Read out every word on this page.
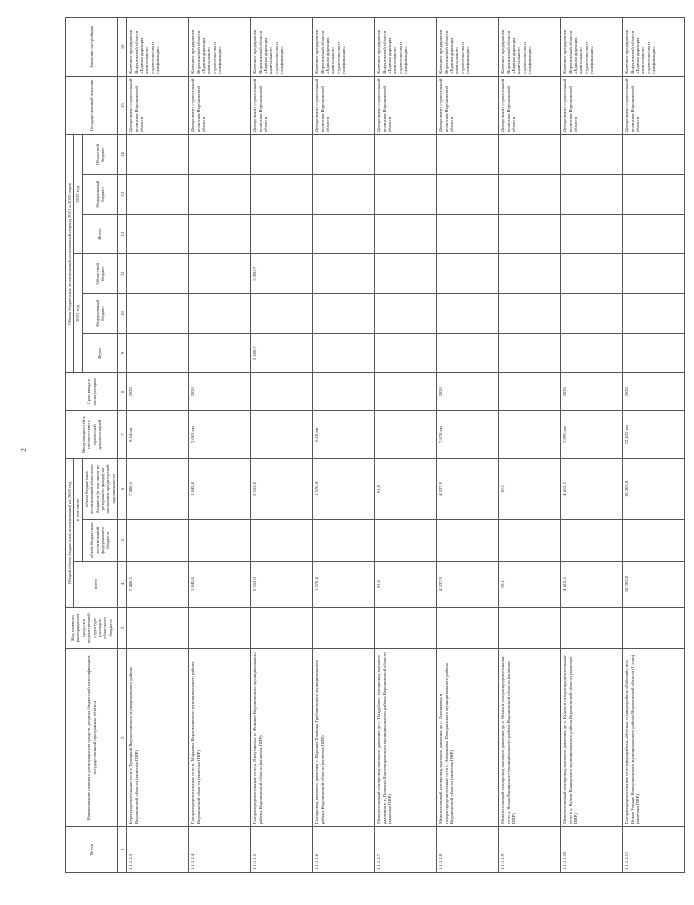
2
№ п/п	Наименование главного распорядителя средств, раздела бюджетной классификации, государственной программы, объекта	Код главного распорядителя средств в ведомственной структуре расходов областного бюджета	Общий объем бюджетных ассигнований на 2020 год			Ввод мощностей в соответствии с проектной документацией	Срок ввода в эксплуатацию	Объем бюджетных ассигнований на плановый период 2021 и 2022 годов						Государственный заказчик	Заказчик-застройщик
			всего	в том числе				2021 год			2022 год				
				объем бюджетных ассигнований федерального бюджета	объем бюджетных ассигнований областного бюджета (в том числе из резервного фонда) на погашение кредиторской задолженности			Всего	Федеральный бюджет	Областной бюджет	Всего	Федеральный бюджет	Областной бюджет		

1	2	3	4	5	6	7	8	9	10	11	12	13	14	15	16
1.1.1.1.3	Берегоукрепительные сети в Троицкий Верхнехавского муниципального района Воронежской области (включая ПИР)		7 486,5		7 486,5	8,54 км	2020							Департамент строительной политики Воронежской области	Казенное предприятие Воронежской области «Единая дирекция капитального строительства и газификации»
1.1.1.1.4	Газораспределительные сети п. Марьевка Верхнехавского муниципального района Воронежской области (включая ПИР)		1 845,8		1 845,8	2,063 км	2020							Департамент строительной политики Воронежской области	Казенное предприятие Воронежской области «Единая дирекция капитального строительства и газификации»
1.1.1.1.5	Газораспределительные сети к. Пичугинска, п. Фомино Воронежского муниципального района Воронежской области (включая ПИР)		5 553,0		5 553,0			5 200,7		5 200,7				Департамент строительной политики Воронежской области	Казенное предприятие Воронежской области «Единая дирекция капитального строительства и газификации»
1.1.1.1.6	Газопровод высокого давления с. Верхняя Плавица Грибановского муниципального района Воронежской области (включая ПИР)		1 570,4		1 570,4	6,18 км								Департамент строительной политики Воронежской области	Казенное предприятие Воронежской области «Единая дирекция капитального строительства и газификации»
1.1.1.1.7	Межпоселковый газопровод высокого давления до с. Поддубное, газопровод высокого давления к х. Поповка Кантемировского муниципального района Воронежской области (включая ПИР)		61,0		61,0									Департамент строительной политики Воронежской области	Казенное предприятие Воронежской области «Единая дирекция капитального строительства и газификации»
1.1.1.1.8	Межпоселковый газопровод высокого давления до с. Алешковка и газораспределительные сети с. Алешковка Поворинского муниципального района Воронежской области (включая ПИР)		4 337,9		4 337,9	7,678 км	2020							Департамент строительной политики Воронежской области	Казенное предприятие Воронежской области «Единая дирекция капитального строительства и газификации»
1.1.1.1.9	Межпоселковый газопровод высокого давления до х. Ясная и газораспределительные сети х. Ясная Каширского муниципального района Воронежской области (включая ПИР)		19,1		19,1									Департамент строительной политики Воронежской области	Казенное предприятие Воронежской области «Единая дирекция капитального строительства и газификации»
1.1.1.1.10	Межпоселковый газопровод высокого давления до х. Кулеш и газораспределительные сети в х. Кулеш Каширского муниципального района Воронежской области (включая ПИР)		4 412,5		4 412,5	7,995 км	2020							Департамент строительной политики Воронежской области	Казенное предприятие Воронежской области «Единая дирекция капитального строительства и газификации»
1.1.1.1.11	Газораспределительные сети микрорайона «Ясенка» и микрорайона «Рабочий» пос. Новая Усмань Новоусманского муниципального района Воронежской области (1 этап) (включая ПИР)		18 203,8		18 203,8	12,632 км	2020							Департамент строительной политики Воронежской области	Казенное предприятие Воронежской области «Единая дирекция капитального строительства и газификации»
